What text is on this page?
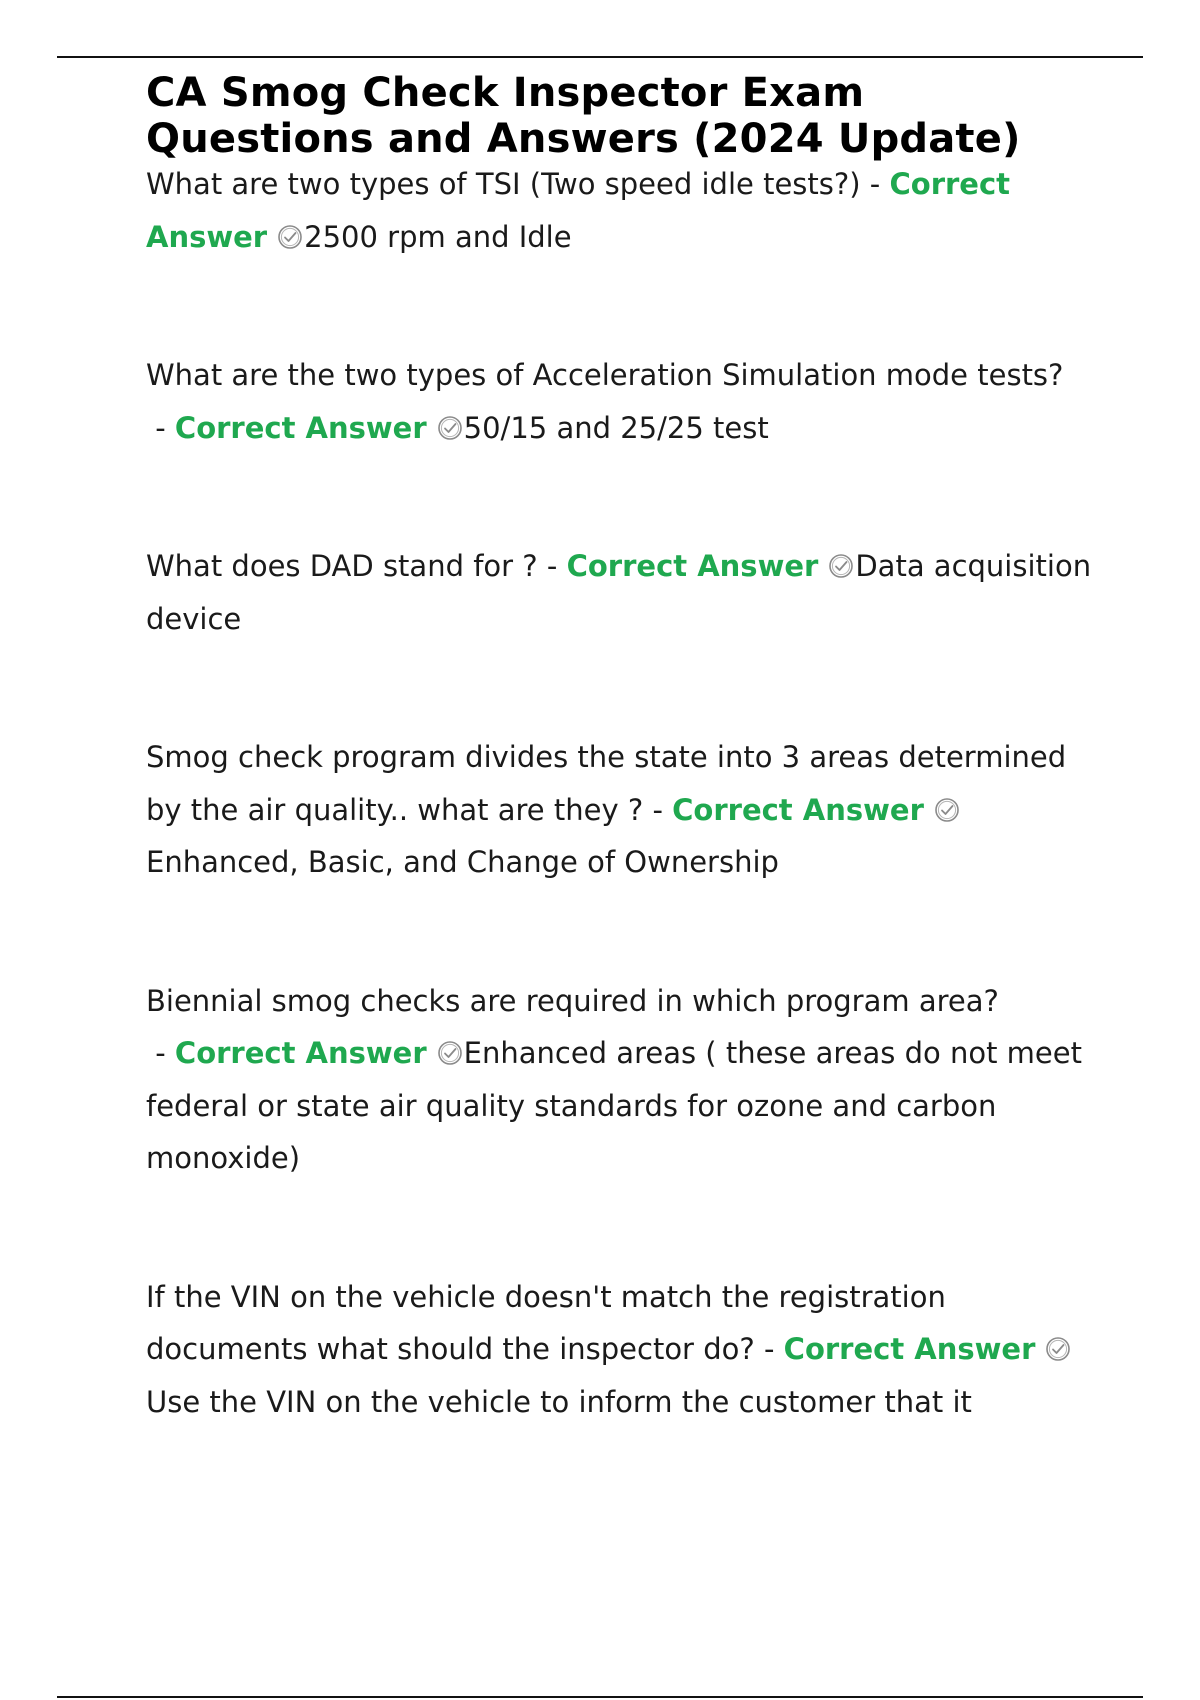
CA Smog Check Inspector Exam Questions and Answers (2024 Update)

What are two types of TSI (Two speed idle tests?) - Correct Answer 2500 rpm and Idle

What are the two types of Acceleration Simulation mode tests? - Correct Answer 50/15 and 25/25 test

What does DAD stand for ? - Correct Answer Data acquisition device

Smog check program divides the state into 3 areas determined by the air quality.. what are they ? - Correct Answer
Enhanced, Basic, and Change of Ownership

Biennial smog checks are required in which program area? - Correct Answer Enhanced areas ( these areas do not meet federal or state air quality standards for ozone and carbon monoxide)

If the VIN on the vehicle doesn't match the registration documents what should the inspector do? - Correct Answer
Use the VIN on the vehicle to inform the customer that it
